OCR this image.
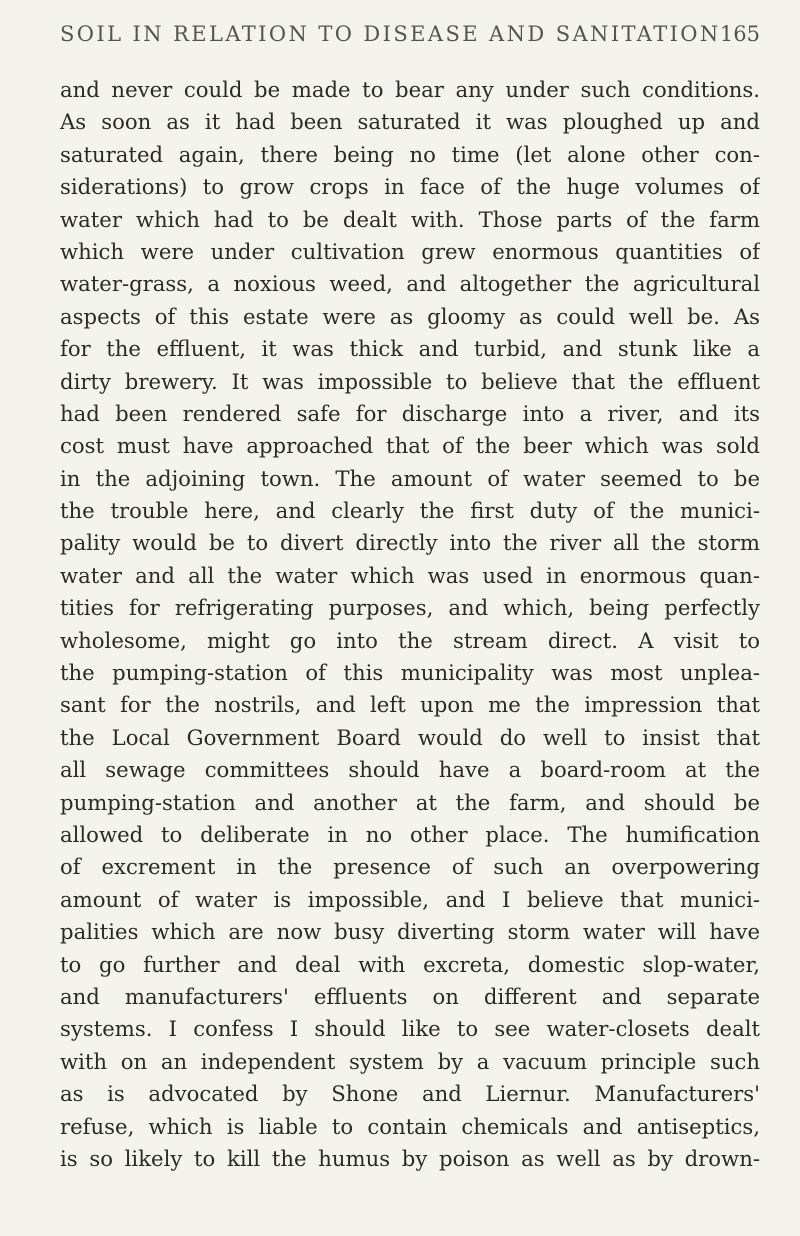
SOIL IN RELATION TO DISEASE AND SANITATION 165
and never could be made to bear any under such conditions.
As soon as it had been saturated it was ploughed up and
saturated again, there being no time (let alone other con-
siderations) to grow crops in face of the huge volumes of
water which had to be dealt with. Those parts of the farm
which were under cultivation grew enormous quantities of
water-grass, a noxious weed, and altogether the agricultural
aspects of this estate were as gloomy as could well be. As
for the effluent, it was thick and turbid, and stunk like a
dirty brewery. It was impossible to believe that the effluent
had been rendered safe for discharge into a river, and its
cost must have approached that of the beer which was sold
in the adjoining town. The amount of water seemed to be
the trouble here, and clearly the first duty of the munici-
pality would be to divert directly into the river all the storm
water and all the water which was used in enormous quan-
tities for refrigerating purposes, and which, being perfectly
wholesome, might go into the stream direct. A visit to
the pumping-station of this municipality was most unplea-
sant for the nostrils, and left upon me the impression that
the Local Government Board would do well to insist that
all sewage committees should have a board-room at the
pumping-station and another at the farm, and should be
allowed to deliberate in no other place. The humification
of excrement in the presence of such an overpowering
amount of water is impossible, and I believe that munici-
palities which are now busy diverting storm water will have
to go further and deal with excreta, domestic slop-water,
and manufacturers' effluents on different and separate
systems. I confess I should like to see water-closets dealt
with on an independent system by a vacuum principle such
as is advocated by Shone and Liernur. Manufacturers'
refuse, which is liable to contain chemicals and antiseptics,
is so likely to kill the humus by poison as well as by drown-
